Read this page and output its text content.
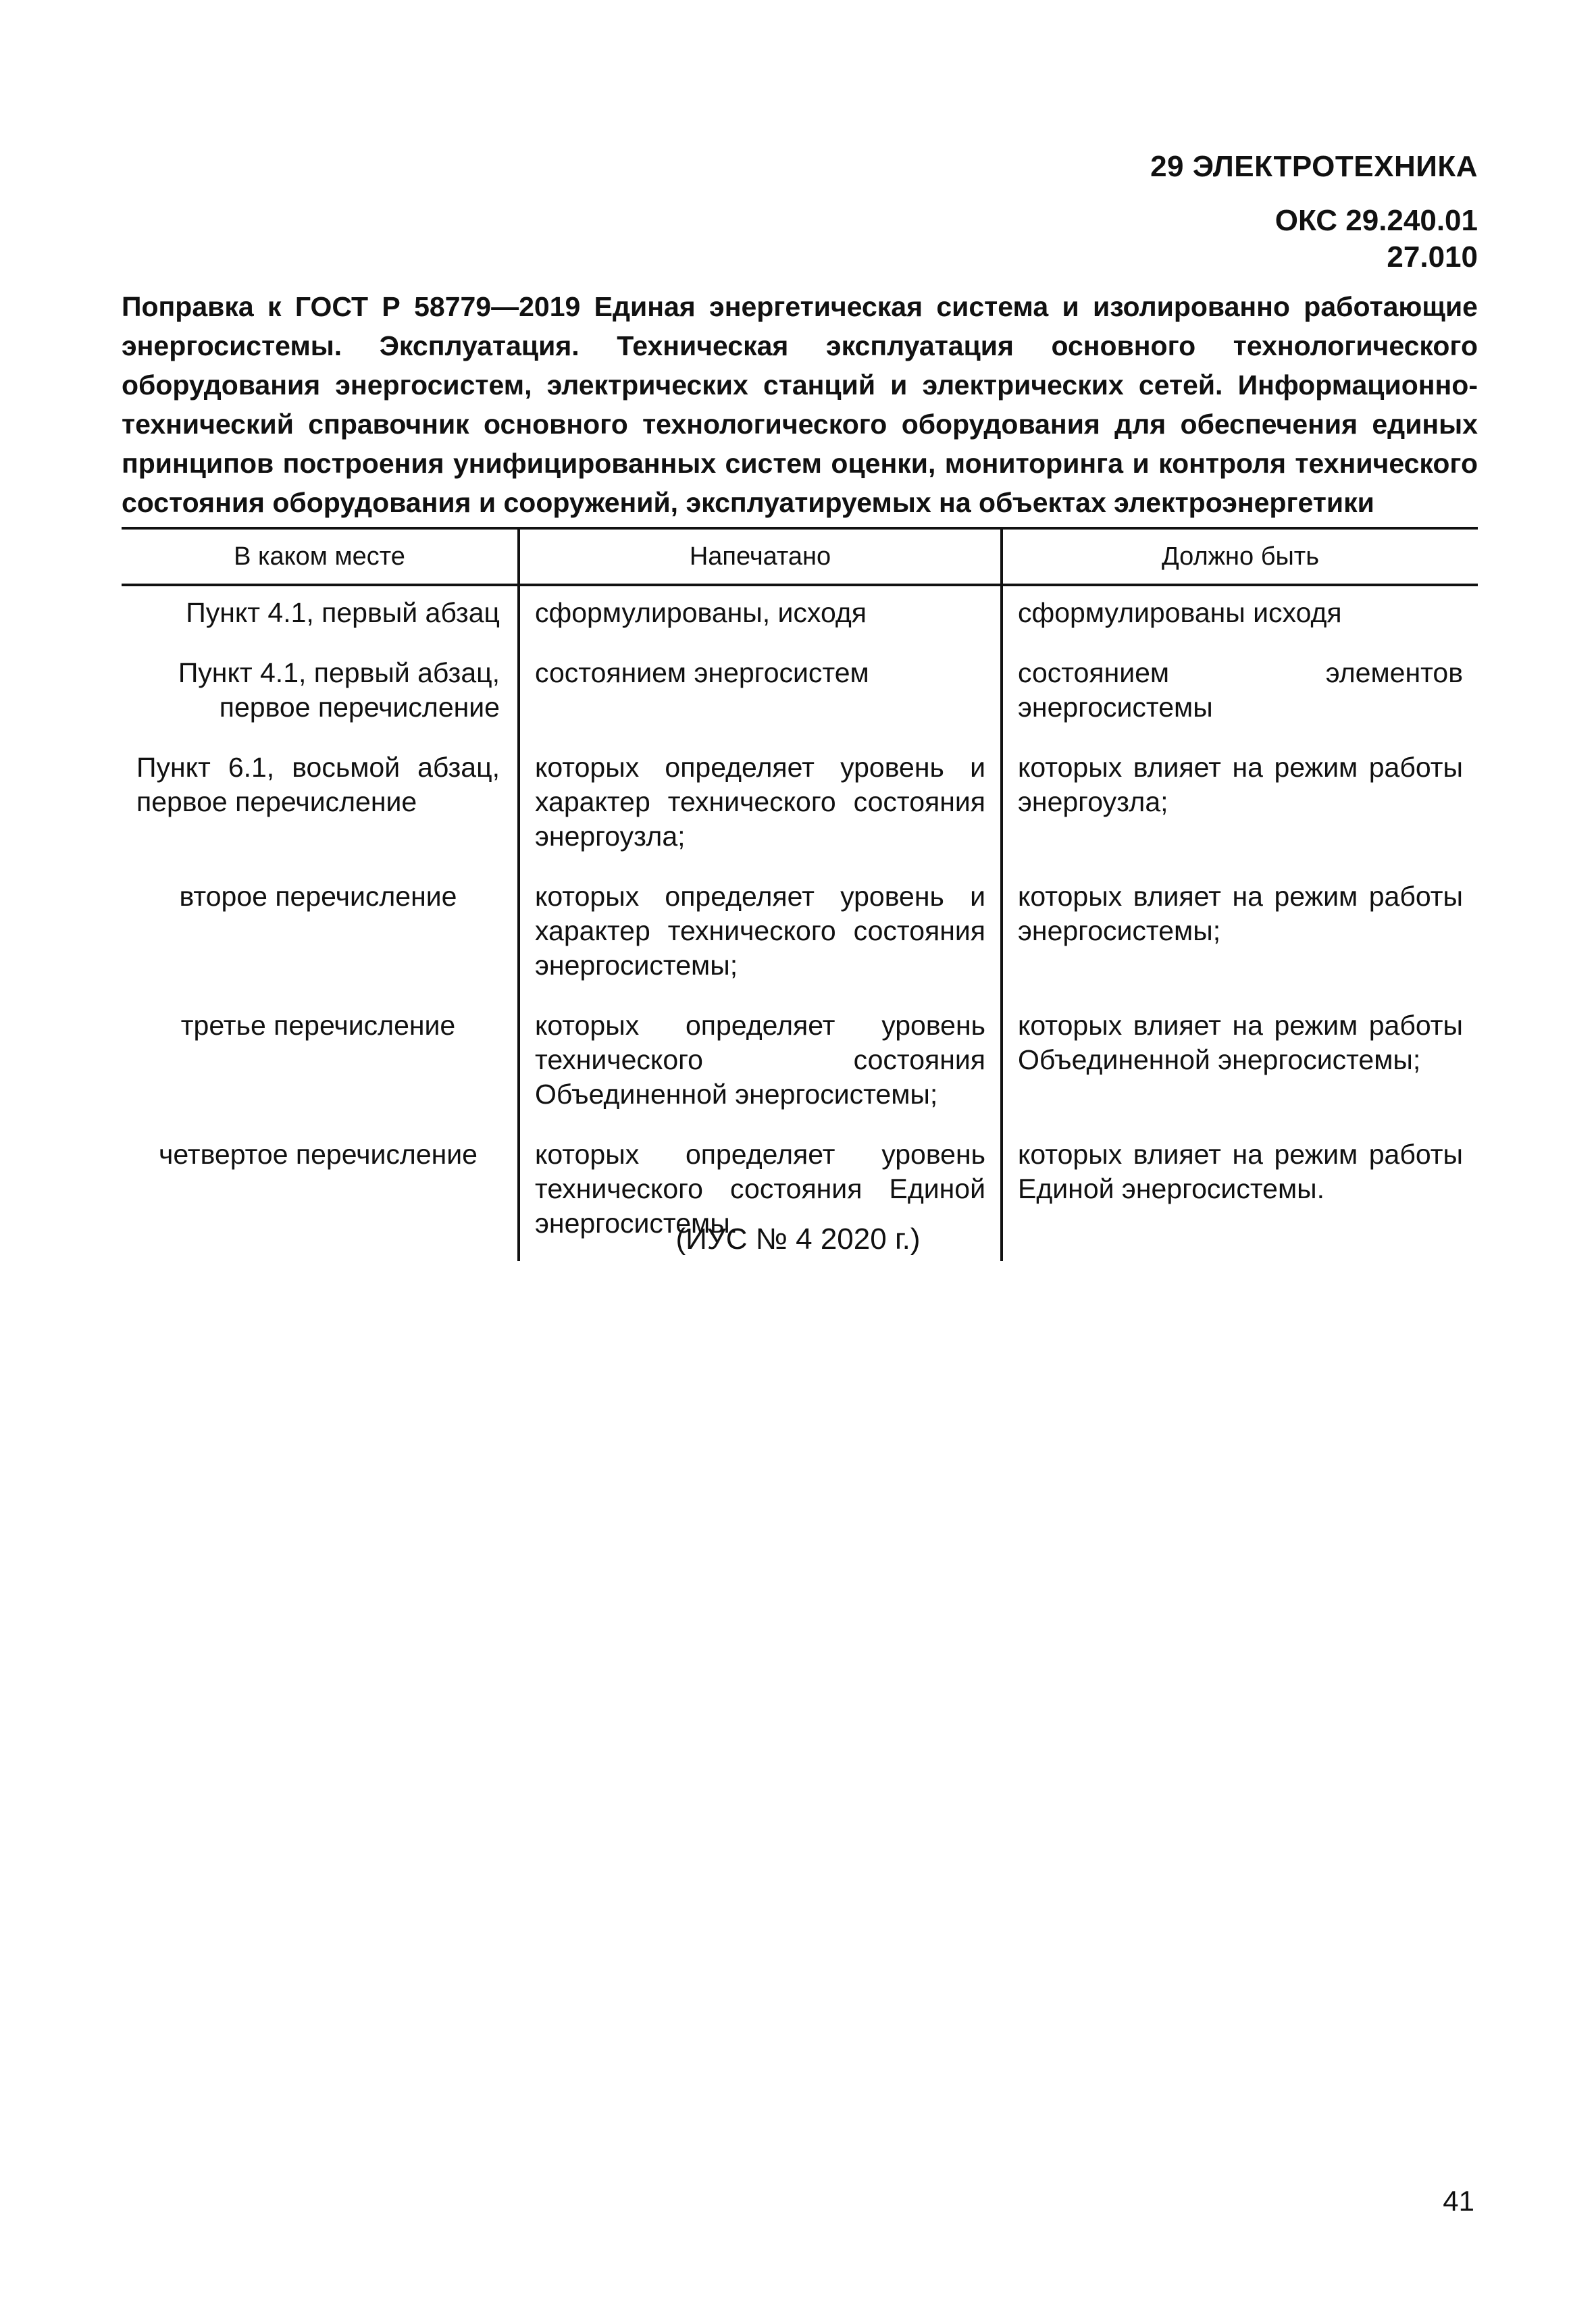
29 ЭЛЕКТРОТЕХНИКА
ОКС 29.240.01
27.010

Поправка к ГОСТ Р 58779—2019 Единая энергетическая система и изолированно работающие энергосистемы. Эксплуатация. Техническая эксплуатация основного технологического оборудования энергосистем, электрических станций и электрических сетей. Информационно-технический справочник основного технологического оборудования для обеспечения единых принципов построения унифицированных систем оценки, мониторинга и контроля технического состояния оборудования и сооружений, эксплуатируемых на объектах электроэнергетики

В каком месте	Напечатано	Должно быть
Пункт 4.1, первый абзац	сформулированы, исходя	сформулированы исходя
Пункт 4.1, первый абзац, первое перечисление	состоянием энергосистем	состоянием элементов энергосистемы
Пункт 6.1, восьмой абзац, первое перечисление	которых определяет уровень и характер технического состояния энергоузла;	которых влияет на режим работы энергоузла;
второе перечисление	которых определяет уровень и характер технического состояния энергосистемы;	которых влияет на режим работы энергосистемы;
третье перечисление	которых определяет уровень технического состояния Объединенной энергосистемы;	которых влияет на режим работы Объединенной энергосистемы;
четвертое перечисление	которых определяет уровень технического состояния Единой энергосистемы.	которых влияет на режим работы Единой энергосистемы.
(ИУС № 4 2020 г.)
41
